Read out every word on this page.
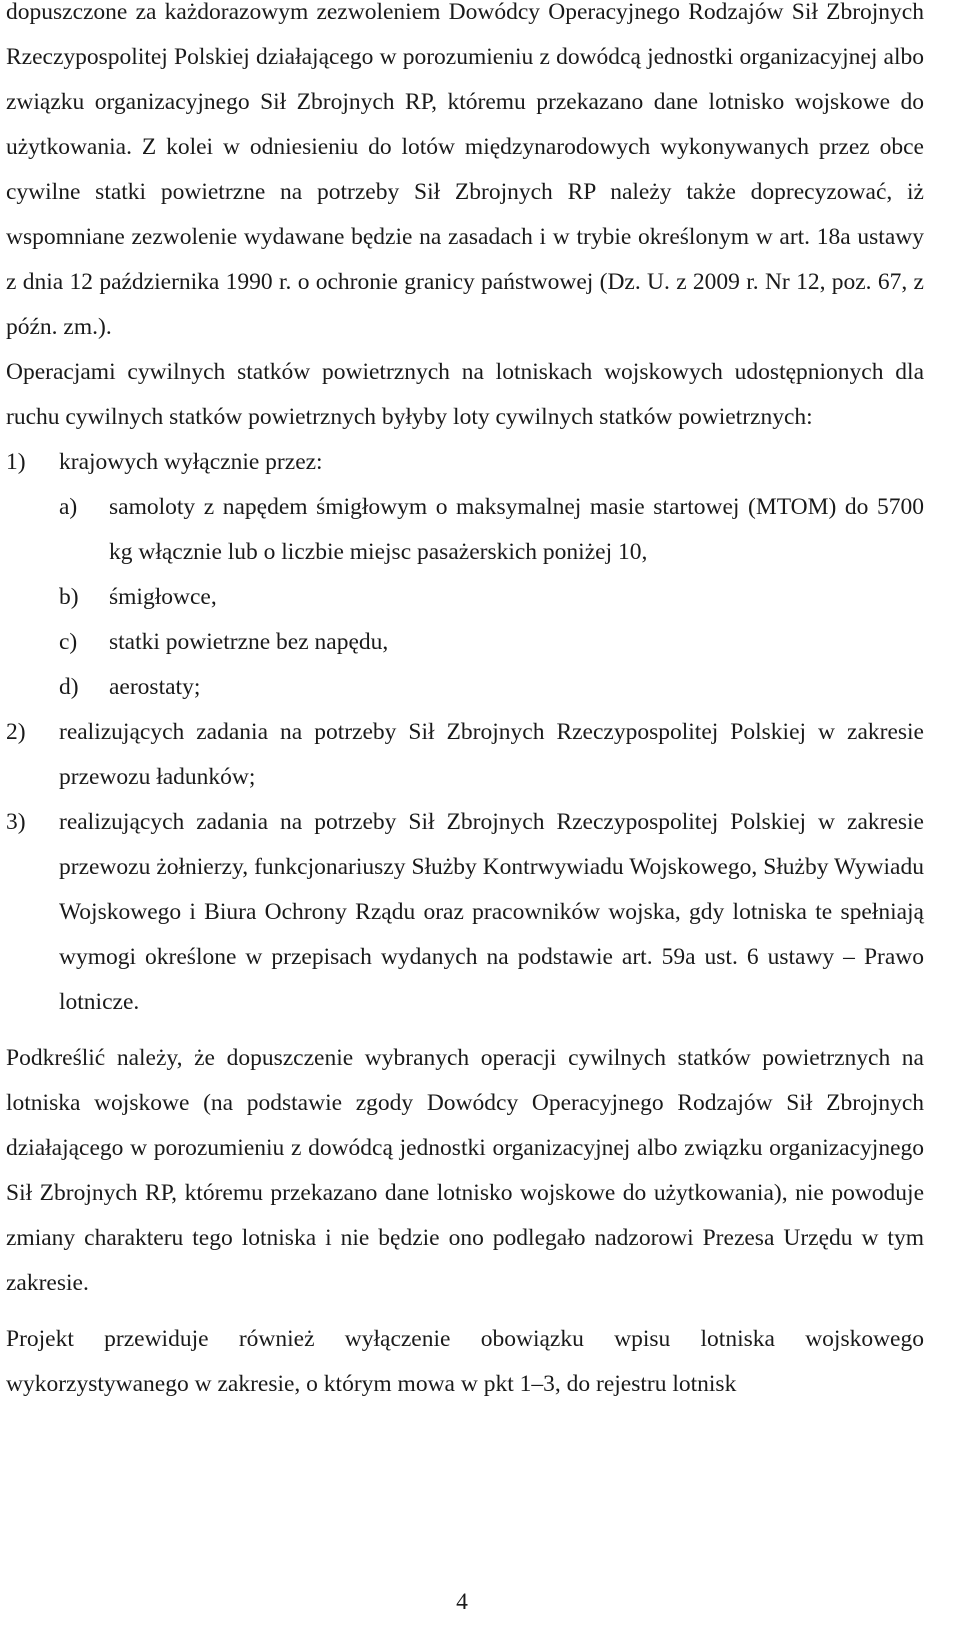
dopuszczone za każdorazowym zezwoleniem Dowódcy Operacyjnego Rodzajów Sił Zbrojnych Rzeczypospolitej Polskiej działającego w porozumieniu z dowódcą jednostki organizacyjnej albo związku organizacyjnego Sił Zbrojnych RP, któremu przekazano dane lotnisko wojskowe do użytkowania. Z kolei w odniesieniu do lotów międzynarodowych wykonywanych przez obce cywilne statki powietrzne na potrzeby Sił Zbrojnych RP należy także doprecyzować, iż wspomniane zezwolenie wydawane będzie na zasadach i w trybie określonym w art. 18a ustawy z dnia 12 października 1990 r. o ochronie granicy państwowej (Dz. U. z 2009 r. Nr 12, poz. 67, z późn. zm.).

Operacjami cywilnych statków powietrznych na lotniskach wojskowych udostępnionych dla ruchu cywilnych statków powietrznych byłyby loty cywilnych statków powietrznych:

1)	krajowych wyłącznie przez:
a)	samoloty z napędem śmigłowym o maksymalnej masie startowej (MTOM) do 5700 kg włącznie lub o liczbie miejsc pasażerskich poniżej 10,
b)	śmigłowce,
c)	statki powietrzne bez napędu,
d)	aerostaty;
2)	realizujących zadania na potrzeby Sił Zbrojnych Rzeczypospolitej Polskiej w zakresie przewozu ładunków;
3)	realizujących zadania na potrzeby Sił Zbrojnych Rzeczypospolitej Polskiej w zakresie przewozu żołnierzy, funkcjonariuszy Służby Kontrwywiadu Wojskowego, Służby Wywiadu Wojskowego i Biura Ochrony Rządu oraz pracowników wojska, gdy lotniska te spełniają wymogi określone w przepisach wydanych na podstawie art. 59a ust. 6 ustawy – Prawo lotnicze.

Podkreślić należy, że dopuszczenie wybranych operacji cywilnych statków powietrznych na lotniska wojskowe (na podstawie zgody Dowódcy Operacyjnego Rodzajów Sił Zbrojnych działającego w porozumieniu z dowódcą jednostki organizacyjnej albo związku organizacyjnego Sił Zbrojnych RP, któremu przekazano dane lotnisko wojskowe do użytkowania), nie powoduje zmiany charakteru tego lotniska i nie będzie ono podlegało nadzorowi Prezesa Urzędu w tym zakresie.

Projekt przewiduje również wyłączenie obowiązku wpisu lotniska wojskowego wykorzystywanego w zakresie, o którym mowa w pkt 1–3, do rejestru lotnisk

4
